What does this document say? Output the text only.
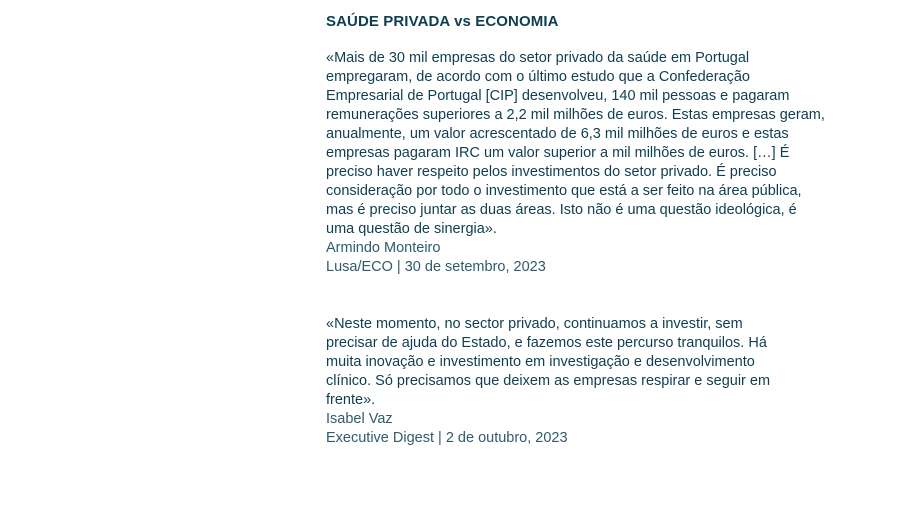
SAÚDE PRIVADA vs ECONOMIA

«Mais de 30 mil empresas do setor privado da saúde em Portugal empregaram, de acordo com o último estudo que a Confederação Empresarial de Portugal [CIP] desenvolveu, 140 mil pessoas e pagaram remunerações superiores a 2,2 mil milhões de euros. Estas empresas geram, anualmente, um valor acrescentado de 6,3 mil milhões de euros e estas empresas pagaram IRC um valor superior a mil milhões de euros. […] É preciso haver respeito pelos investimentos do setor privado. É preciso consideração por todo o investimento que está a ser feito na área pública, mas é preciso juntar as duas áreas. Isto não é uma questão ideológica, é uma questão de sinergia».

Armindo Monteiro

Lusa/ECO | 30 de setembro, 2023

«Neste momento, no sector privado, continuamos a investir, sem precisar de ajuda do Estado, e fazemos este percurso tranquilos. Há muita inovação e investimento em investigação e desenvolvimento clínico. Só precisamos que deixem as empresas respirar e seguir em frente».

Isabel Vaz

Executive Digest | 2 de outubro, 2023
